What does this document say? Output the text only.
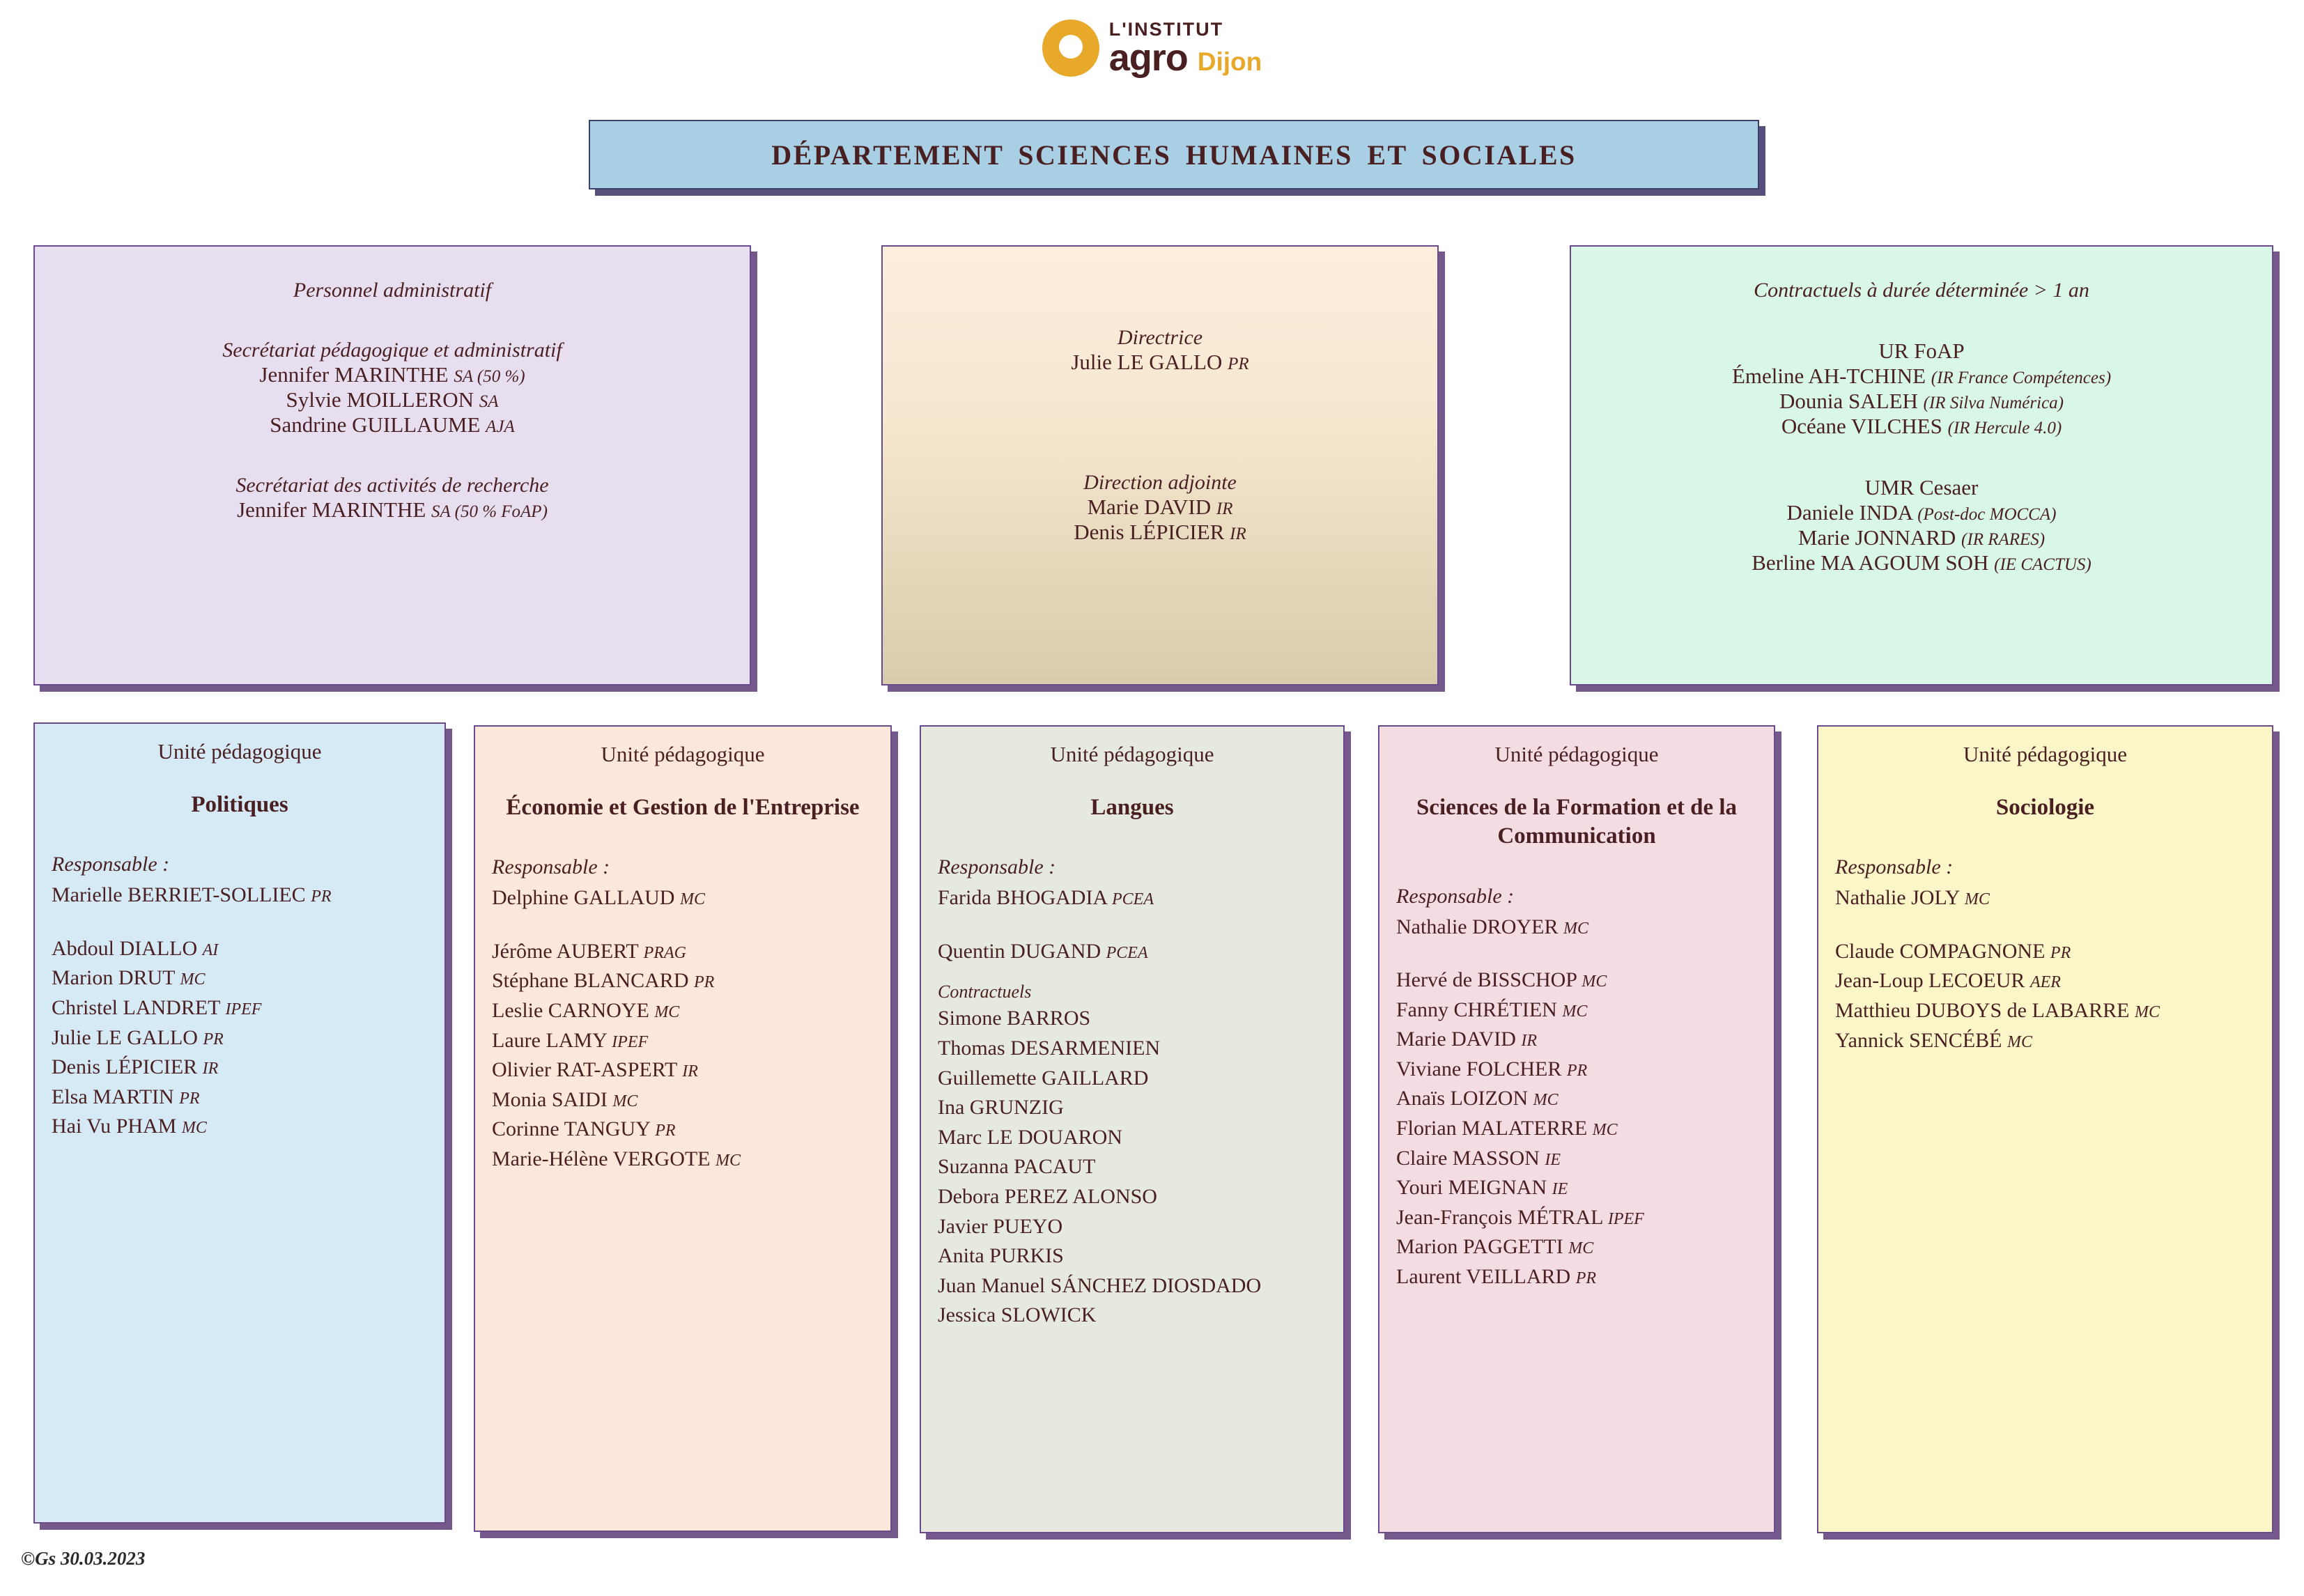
L'INSTITUT
agro Dijon
DÉPARTEMENT SCIENCES HUMAINES ET SOCIALES

Personnel administratif

Secrétariat pédagogique et administratif

Jennifer MARINTHE SA (50 %)

Sylvie MOILLERON SA

Sandrine GUILLAUME AJA

Secrétariat des activités de recherche

Jennifer MARINTHE SA (50 % FoAP)

Directrice

Julie LE GALLO PR

Direction adjointe

Marie DAVID IR

Denis LÉPICIER IR

Contractuels à durée déterminée > 1 an

UR FoAP

Émeline AH-TCHINE (IR France Compétences)

Dounia SALEH (IR Silva Numérica)

Océane VILCHES (IR Hercule 4.0)

UMR Cesaer

Daniele INDA (Post-doc MOCCA)

Marie JONNARD (IR RARES)

Berline MA AGOUM SOH (IE CACTUS)

Unité pédagogique
Politiques

Responsable :

Marielle BERRIET-SOLLIEC PR

Abdoul DIALLO AI

Marion DRUT MC

Christel LANDRET IPEF

Julie LE GALLO PR

Denis LÉPICIER IR

Elsa MARTIN PR

Hai Vu PHAM MC

Unité pédagogique
Économie et Gestion de l'Entreprise

Responsable :

Delphine GALLAUD MC

Jérôme AUBERT PRAG

Stéphane BLANCARD PR

Leslie CARNOYE MC

Laure LAMY IPEF

Olivier RAT-ASPERT IR

Monia SAIDI MC

Corinne TANGUY PR

Marie-Hélène VERGOTE MC

Unité pédagogique
Langues

Responsable :

Farida BHOGADIA PCEA

Quentin DUGAND PCEA

Contractuels

Simone BARROS

Thomas DESARMENIEN

Guillemette GAILLARD

Ina GRUNZIG

Marc LE DOUARON

Suzanna PACAUT

Debora PEREZ ALONSO

Javier PUEYO

Anita PURKIS

Juan Manuel SÁNCHEZ DIOSDADO

Jessica SLOWICK

Unité pédagogique
Sciences de la Formation et de la Communication

Responsable :

Nathalie DROYER MC

Hervé de BISSCHOP MC

Fanny CHRÉTIEN MC

Marie DAVID IR

Viviane FOLCHER PR

Anaïs LOIZON MC

Florian MALATERRE MC

Claire MASSON IE

Youri MEIGNAN IE

Jean-François MÉTRAL IPEF

Marion PAGGETTI MC

Laurent VEILLARD PR

Unité pédagogique
Sociologie

Responsable :

Nathalie JOLY MC

Claude COMPAGNONE PR

Jean-Loup LECOEUR AER

Matthieu DUBOYS de LABARRE MC

Yannick SENCÉBÉ MC

©Gs 30.03.2023
